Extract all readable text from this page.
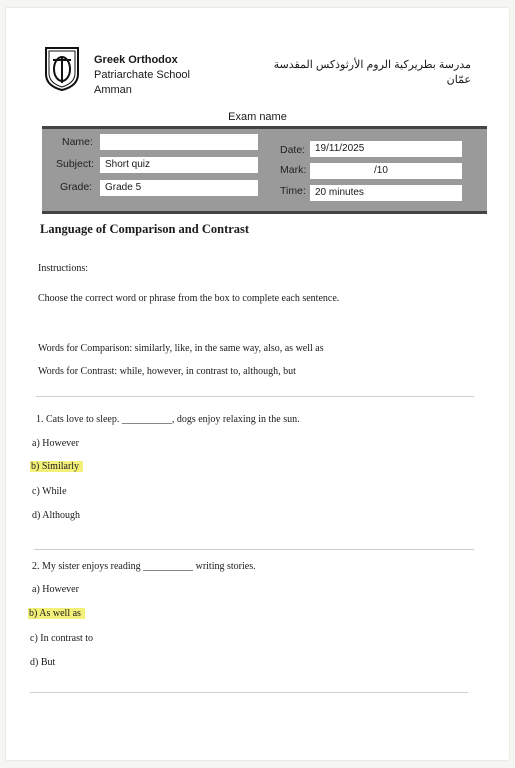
Greek Orthodox
Patriarchate School
Amman
مدرسة بطريركية الروم الأرثوذكس المقدسة
عمّان
Exam name
Name:
Subject:	Short quiz
Grade:	Grade 5
Date: 19/11/2025
Mark:	/10
Time: 20 minutes
Language of Comparison and Contrast
Instructions:
Choose the correct word or phrase from the box to complete each sentence.
Words for Comparison: similarly, like, in the same way, also, as well as
Words for Contrast: while, however, in contrast to, although, but
1. Cats love to sleep. __________, dogs enjoy relaxing in the sun.
a) However
b) Similarly
c) While
d) Although
2. My sister enjoys reading __________ writing stories.
a) However
b) As well as
c) In contrast to
d) But
